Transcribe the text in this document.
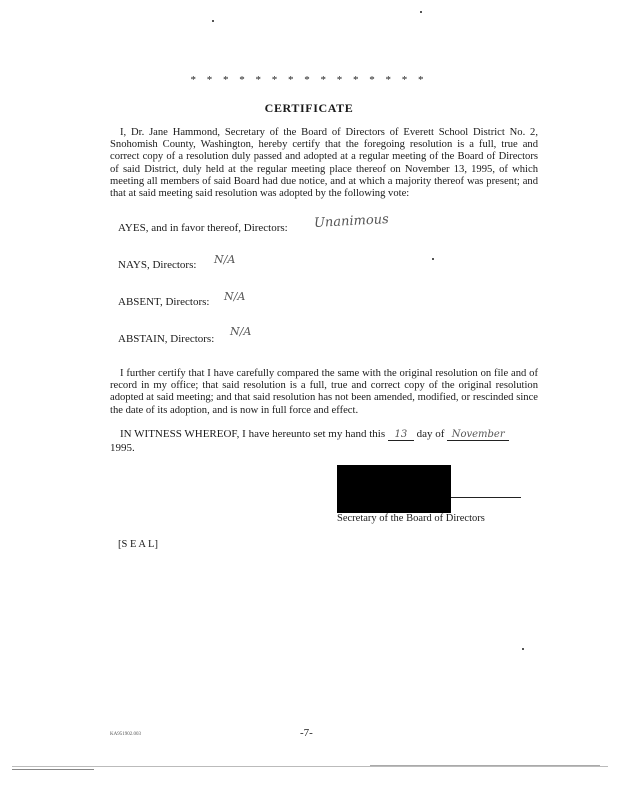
* * * * * * * * * * * * * * *
CERTIFICATE
I, Dr. Jane Hammond, Secretary of the Board of Directors of Everett School District No. 2, Snohomish County, Washington, hereby certify that the foregoing resolution is a full, true and correct copy of a resolution duly passed and adopted at a regular meeting of the Board of Directors of said District, duly held at the regular meeting place thereof on November 13, 1995, of which meeting all members of said Board had due notice, and at which a majority thereof was present; and that at said meeting said resolution was adopted by the following vote:
AYES, and in favor thereof, Directors: Unanimous
NAYS, Directors: N/A
ABSENT, Directors: N/A
ABSTAIN, Directors:
N/A
I further certify that I have carefully compared the same with the original resolution on file and of record in my office; that said resolution is a full, true and correct copy of the original resolution adopted at said meeting; and that said resolution has not been amended, modified, or rescinded since the date of its adoption, and is now in full force and effect.
IN WITNESS WHEREOF, I have hereunto set my hand this 13 day of November
1995.
Secretary of the Board of Directors
[S E A L]
KA951902.003	-7-
